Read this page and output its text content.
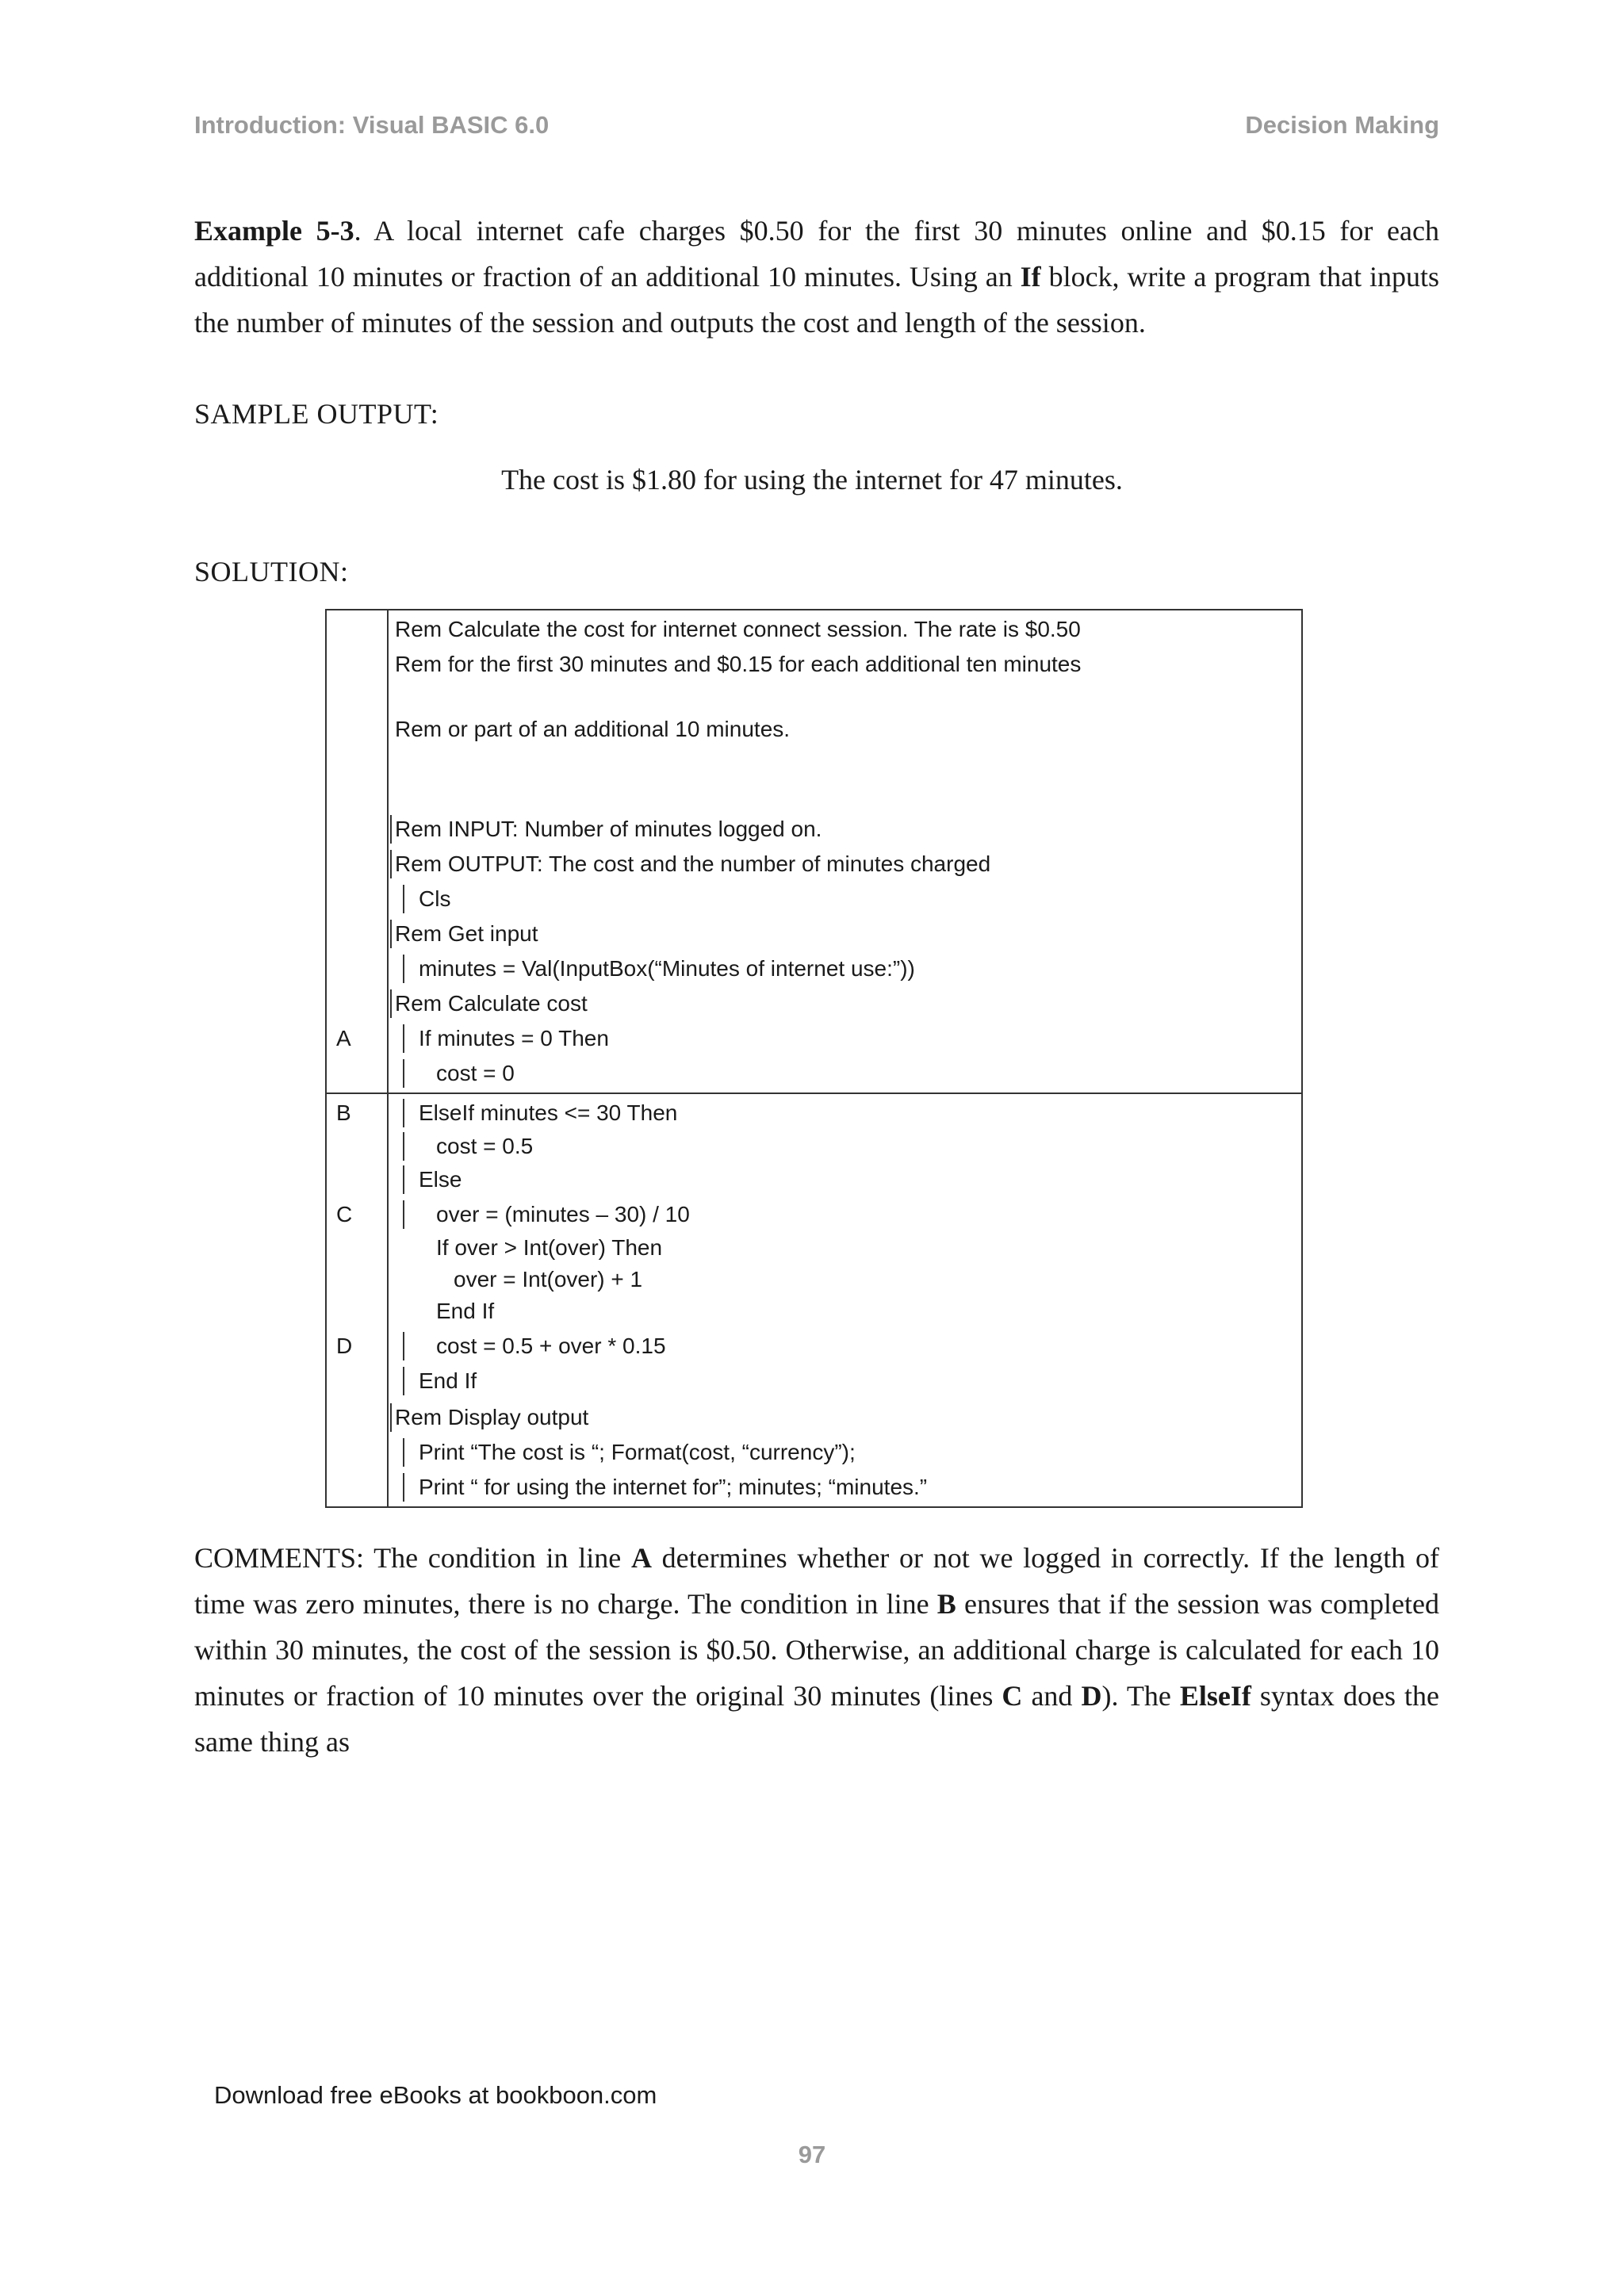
Introduction: Visual BASIC 6.0	Decision Making
Example 5-3. A local internet cafe charges $0.50 for the first 30 minutes online and $0.15 for each additional 10 minutes or fraction of an additional 10 minutes. Using an If block, write a program that inputs the number of minutes of the session and outputs the cost and length of the session.
SAMPLE OUTPUT:
The cost is $1.80 for using the internet for 47 minutes.
SOLUTION:
A
B
C
D
Rem Calculate the cost for internet connect session. The rate is $0.50
Rem for the first 30 minutes and $0.15 for each additional ten minutes
Rem or part of an additional 10 minutes.
Rem INPUT: Number of minutes logged on.
Rem OUTPUT: The cost and the number of minutes charged
Cls
Rem Get input
minutes = Val(InputBox(“Minutes of internet use:”))
Rem Calculate cost
If minutes = 0 Then
cost = 0
ElseIf minutes <= 30 Then
cost = 0.5
Else
over = (minutes – 30) / 10
If over > Int(over) Then
over = Int(over) + 1
End If
cost = 0.5 + over * 0.15
End If
Rem Display output
Print “The cost is “; Format(cost, “currency”);
Print “ for using the internet for”; minutes; “minutes.”
COMMENTS: The condition in line A determines whether or not we logged in correctly. If the length of time was zero minutes, there is no charge. The condition in line B ensures that if the session was completed within 30 minutes, the cost of the session is $0.50. Otherwise, an additional charge is calculated for each 10 minutes or fraction of 10 minutes over the original 30 minutes (lines C and D). The ElseIf syntax does the same thing as
Download free eBooks at bookboon.com
97
